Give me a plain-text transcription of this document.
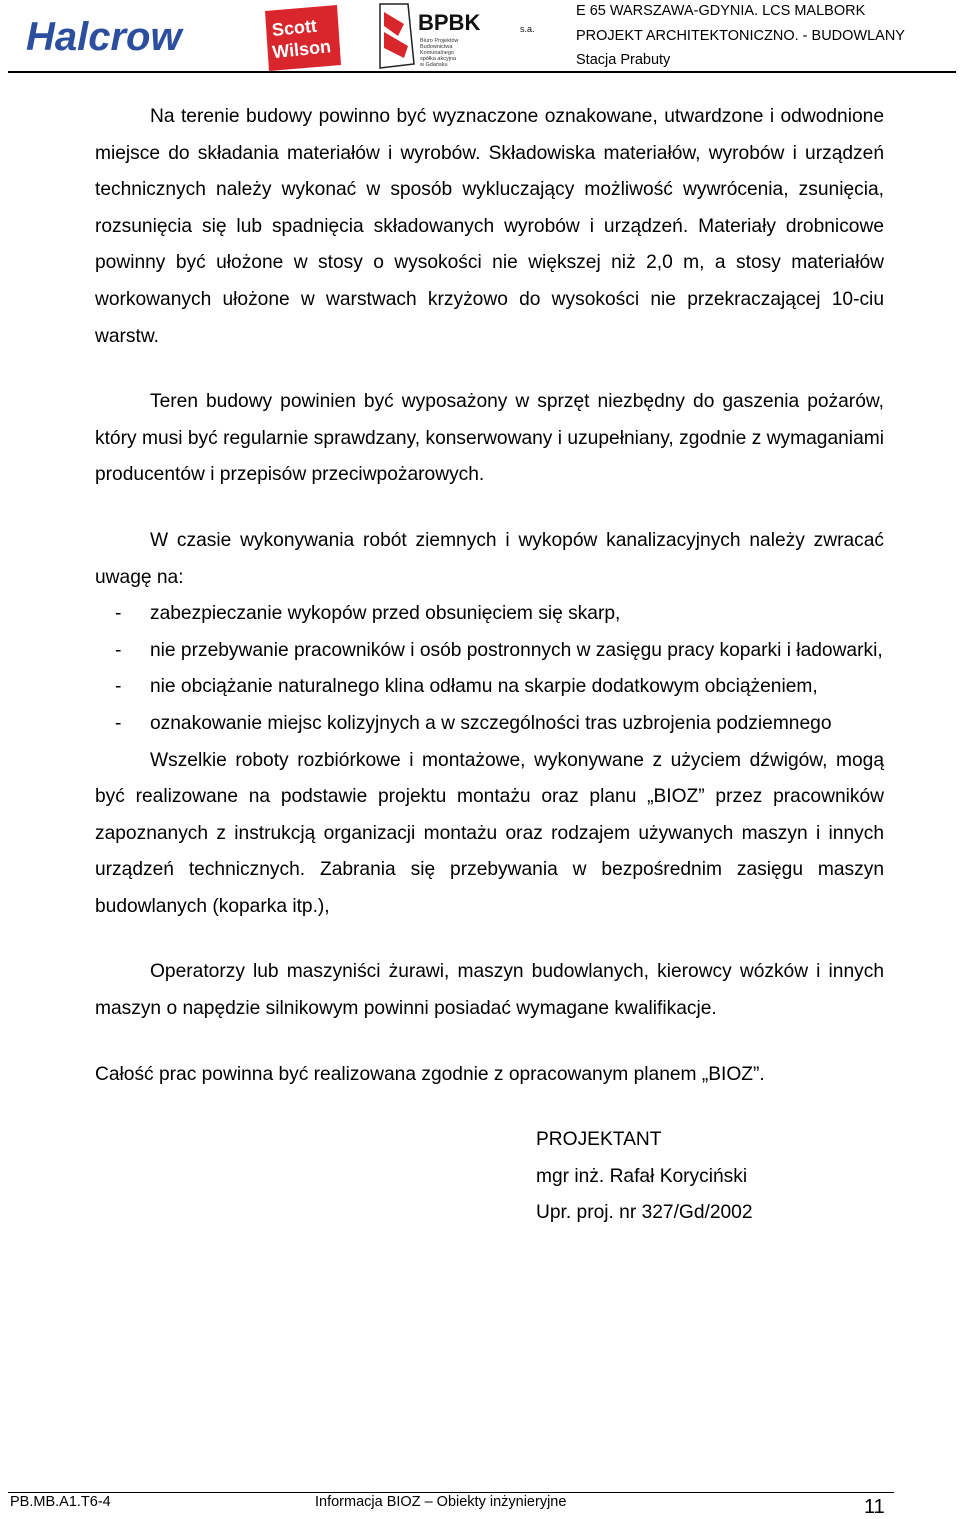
Halcrow	Scott
Wilson
BPBK	s.a.
Biuro Projektów
Budownictwa
Komunalnego
spółka akcyjna
w Gdańsku
E 65 WARSZAWA-GDYNIA. LCS MALBORK
PROJEKT ARCHITEKTONICZNO. - BUDOWLANY
Stacja Prabuty

Na terenie budowy powinno być wyznaczone oznakowane, utwardzone i odwodnione miejsce do składania materiałów i wyrobów. Składowiska materiałów, wyrobów i urządzeń technicznych należy wykonać w sposób wykluczający możliwość wywrócenia, zsunięcia, rozsunięcia się lub spadnięcia składowanych wyrobów i urządzeń. Materiały drobnicowe powinny być ułożone w stosy o wysokości nie większej niż 2,0 m, a stosy materiałów workowanych ułożone w warstwach krzyżowo do wysokości nie przekraczającej 10-ciu warstw.

Teren budowy powinien być wyposażony w sprzęt niezbędny do gaszenia pożarów, który musi być regularnie sprawdzany, konserwowany i uzupełniany, zgodnie z wymaganiami producentów i przepisów przeciwpożarowych.

W czasie wykonywania robót ziemnych i wykopów kanalizacyjnych należy zwracać uwagę na:

- zabezpieczanie wykopów przed obsunięciem się skarp,
- nie przebywanie pracowników i osób postronnych w zasięgu pracy koparki i ładowarki,
- nie obciążanie naturalnego klina odłamu na skarpie dodatkowym obciążeniem,
- oznakowanie miejsc kolizyjnych a w szczególności tras uzbrojenia podziemnego

Wszelkie roboty rozbiórkowe i montażowe, wykonywane z użyciem dźwigów, mogą być realizowane na podstawie projektu montażu oraz planu „BIOZ” przez pracowników zapoznanych z instrukcją organizacji montażu oraz rodzajem używanych maszyn i innych urządzeń technicznych. Zabrania się przebywania w bezpośrednim zasięgu maszyn budowlanych (koparka itp.),

Operatorzy lub maszyniści żurawi, maszyn budowlanych, kierowcy wózków i innych maszyn o napędzie silnikowym powinni posiadać wymagane kwalifikacje.

Całość prac powinna być realizowana zgodnie z opracowanym planem „BIOZ”.

PROJEKTANT
mgr inż. Rafał Koryciński
Upr. proj. nr 327/Gd/2002
PB.MB.A1.T6-4	Informacja BIOZ – Obiekty inżynieryjne	11
